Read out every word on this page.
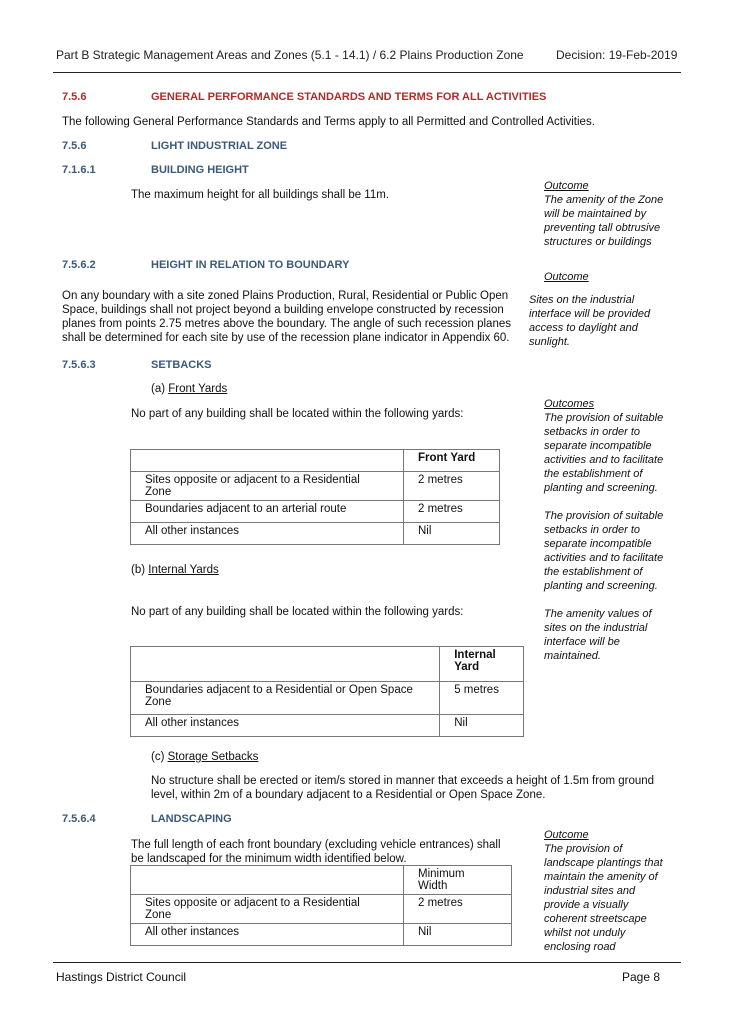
Part B Strategic Management Areas and Zones (5.1 - 14.1) / 6.2 Plains Production Zone	Decision: 19-Feb-2019
7.5.6	GENERAL PERFORMANCE STANDARDS AND TERMS FOR ALL ACTIVITIES
The following General Performance Standards and Terms apply to all Permitted and Controlled Activities.
7.5.6	LIGHT INDUSTRIAL ZONE
7.1.6.1	BUILDING HEIGHT
The maximum height for all buildings shall be 11m.
Outcome
The amenity of the Zone will be maintained by preventing tall obtrusive structures or buildings
7.5.6.2	HEIGHT IN RELATION TO BOUNDARY
On any boundary with a site zoned Plains Production, Rural, Residential or Public Open Space, buildings shall not project beyond a building envelope constructed by recession planes from points 2.75 metres above the boundary. The angle of such recession planes shall be determined for each site by use of the recession plane indicator in Appendix 60.
Outcome
Sites on the industrial
interface will be provided access to daylight and sunlight.
7.5.6.3	SETBACKS
(a) Front Yards
No part of any building shall be located within the following yards:
	Front Yard
Sites opposite or adjacent to a Residential Zone	2 metres
Boundaries adjacent to an arterial route	2 metres
All other instances	Nil
(b) Internal Yards
No part of any building shall be located within the following yards:
	Internal Yard
Boundaries adjacent to a Residential or Open Space Zone	5 metres
All other instances	Nil
(c) Storage Setbacks
No structure shall be erected or item/s stored in manner that exceeds a height of 1.5m from ground level, within 2m of a boundary adjacent to a Residential or Open Space Zone.
Outcomes
The provision of suitable setbacks in order to separate incompatible activities and to facilitate the establishment of planting and screening.
The provision of suitable setbacks in order to separate incompatible activities and to facilitate the establishment of planting and screening.
The amenity values of sites on the industrial interface will be maintained.
7.5.6.4	LANDSCAPING
The full length of each front boundary (excluding vehicle entrances) shall be landscaped for the minimum width identified below.
	Minimum Width
Sites opposite or adjacent to a Residential Zone	2 metres
All other instances	Nil
Outcome
The provision of landscape plantings that maintain the amenity of industrial sites and provide a visually coherent streetscape whilst not unduly enclosing road
Hastings District Council	Page 8
